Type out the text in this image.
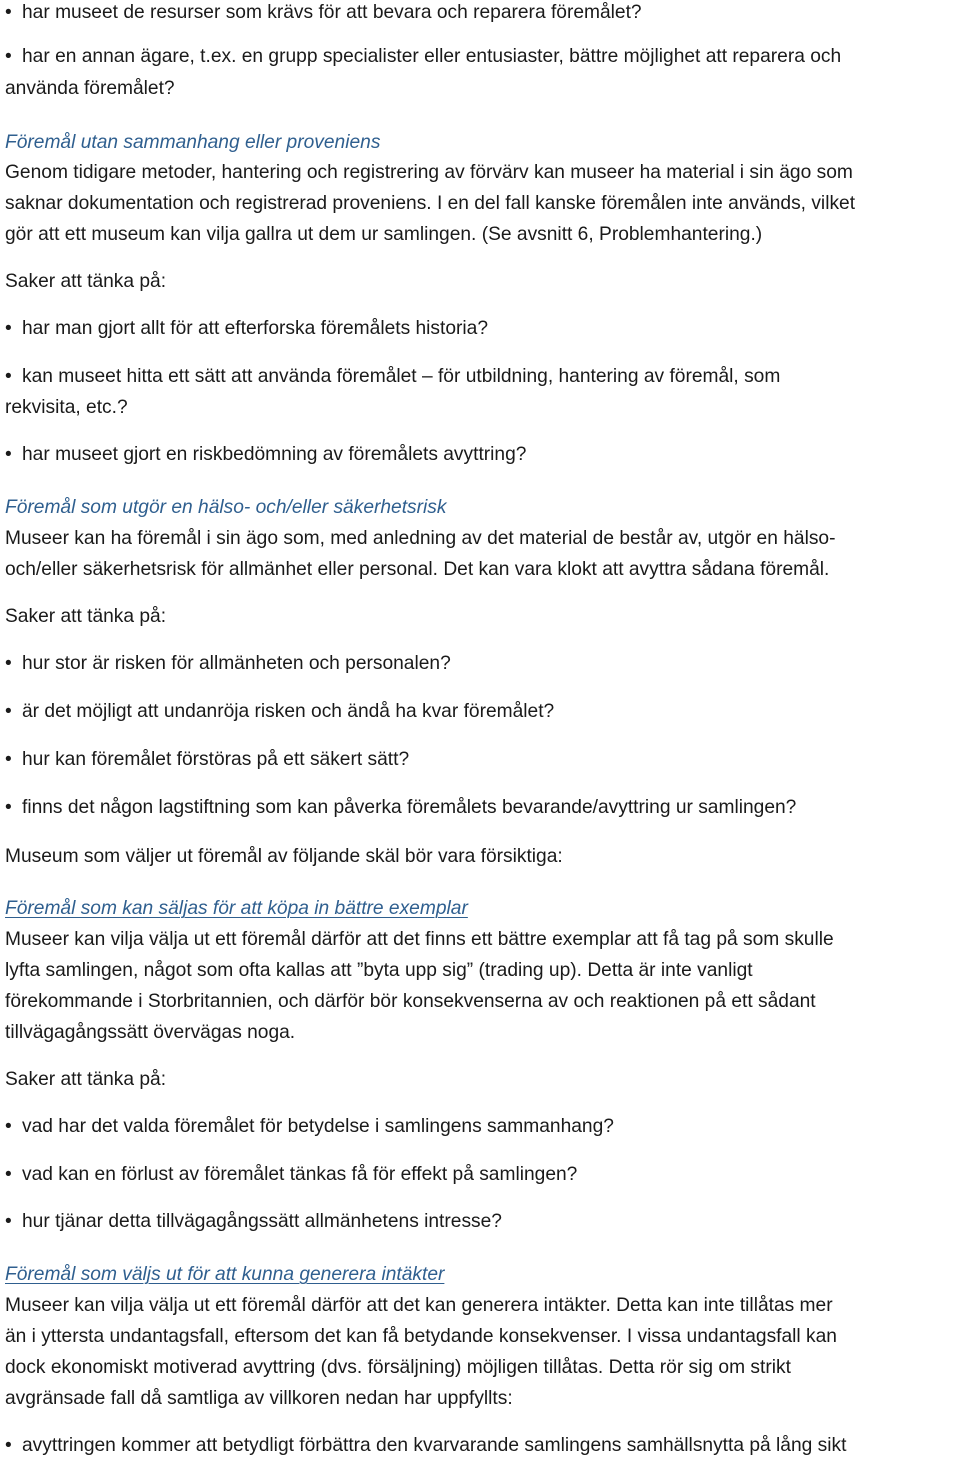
• har museet de resurser som krävs för att bevara och reparera föremålet?
• har en annan ägare, t.ex. en grupp specialister eller entusiaster, bättre möjlighet att reparera och
använda föremålet?
Föremål utan sammanhang eller proveniens
Genom tidigare metoder, hantering och registrering av förvärv kan museer ha material i sin ägo som
saknar dokumentation och registrerad proveniens. I en del fall kanske föremålen inte används, vilket
gör att ett museum kan vilja gallra ut dem ur samlingen. (Se avsnitt 6, Problemhantering.)
Saker att tänka på:
• har man gjort allt för att efterforska föremålets historia?
• kan museet hitta ett sätt att använda föremålet – för utbildning, hantering av föremål, som
rekvisita, etc.?
• har museet gjort en riskbedömning av föremålets avyttring?
Föremål som utgör en hälso- och/eller säkerhetsrisk
Museer kan ha föremål i sin ägo som, med anledning av det material de består av, utgör en hälso-
och/eller säkerhetsrisk för allmänhet eller personal. Det kan vara klokt att avyttra sådana föremål.
Saker att tänka på:
• hur stor är risken för allmänheten och personalen?
• är det möjligt att undanröja risken och ändå ha kvar föremålet?
• hur kan föremålet förstöras på ett säkert sätt?
• finns det någon lagstiftning som kan påverka föremålets bevarande/avyttring ur samlingen?
Museum som väljer ut föremål av följande skäl bör vara försiktiga:
Föremål som kan säljas för att köpa in bättre exemplar
Museer kan vilja välja ut ett föremål därför att det finns ett bättre exemplar att få tag på som skulle
lyfta samlingen, något som ofta kallas att ”byta upp sig” (trading up). Detta är inte vanligt
förekommande i Storbritannien, och därför bör konsekvenserna av och reaktionen på ett sådant
tillvägagångssätt övervägas noga.
Saker att tänka på:
• vad har det valda föremålet för betydelse i samlingens sammanhang?
• vad kan en förlust av föremålet tänkas få för effekt på samlingen?
• hur tjänar detta tillvägagångssätt allmänhetens intresse?
Föremål som väljs ut för att kunna generera intäkter
Museer kan vilja välja ut ett föremål därför att det kan generera intäkter. Detta kan inte tillåtas mer
än i yttersta undantagsfall, eftersom det kan få betydande konsekvenser. I vissa undantagsfall kan
dock ekonomiskt motiverad avyttring (dvs. försäljning) möjligen tillåtas. Detta rör sig om strikt
avgränsade fall då samtliga av villkoren nedan har uppfyllts:
• avyttringen kommer att betydligt förbättra den kvarvarande samlingens samhällsnytta på lång sikt
